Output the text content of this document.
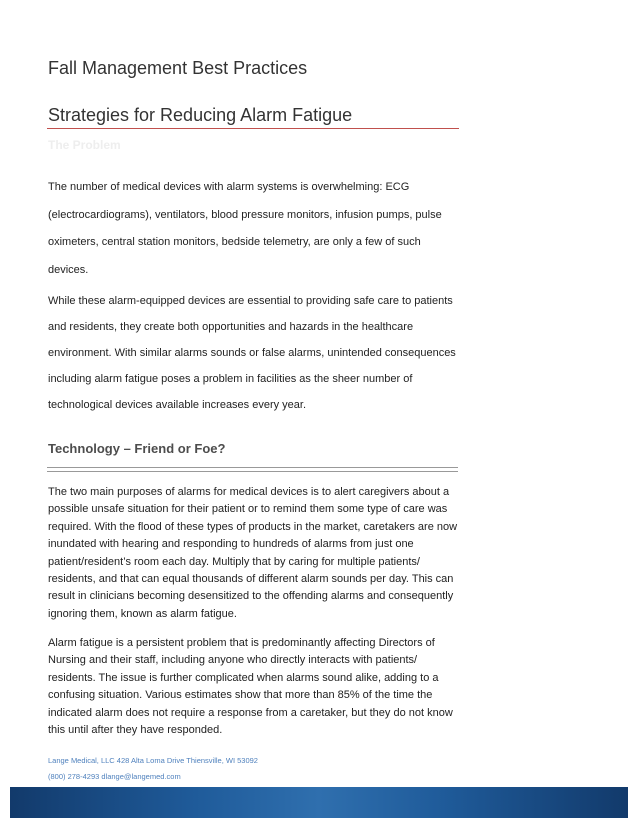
Fall Management Best Practices
Strategies for Reducing Alarm Fatigue
The Problem

The number of medical devices with alarm systems is overwhelming: ECG (electrocardiograms), ventilators, blood pressure monitors, infusion pumps, pulse oximeters, central station monitors, bedside telemetry, are only a few of such devices.

While these alarm-equipped devices are essential to providing safe care to patients and residents, they create both opportunities and hazards in the healthcare environment. With similar alarms sounds or false alarms, unintended consequences including alarm fatigue poses a problem in facilities as the sheer number of technological devices available increases every year.

Technology – Friend or Foe?

The two main purposes of alarms for medical devices is to alert caregivers about a possible unsafe situation for their patient or to remind them some type of care was required. With the flood of these types of products in the market, caretakers are now inundated with hearing and responding to hundreds of alarms from just one patient/resident’s room each day. Multiply that by caring for multiple patients/ residents, and that can equal thousands of different alarm sounds per day. This can result in clinicians becoming desensitized to the offending alarms and consequently ignoring them, known as alarm fatigue.

Alarm fatigue is a persistent problem that is predominantly affecting Directors of Nursing and their staff, including anyone who directly interacts with patients/ residents. The issue is further complicated when alarms sound alike, adding to a confusing situation. Various estimates show that more than 85% of the time the indicated alarm does not require a response from a caretaker, but they do not know this until after they have responded.

Lange Medical, LLC 428 Alta Loma Drive Thiensville, WI 53092
(800) 278-4293 dlange@langemed.com
